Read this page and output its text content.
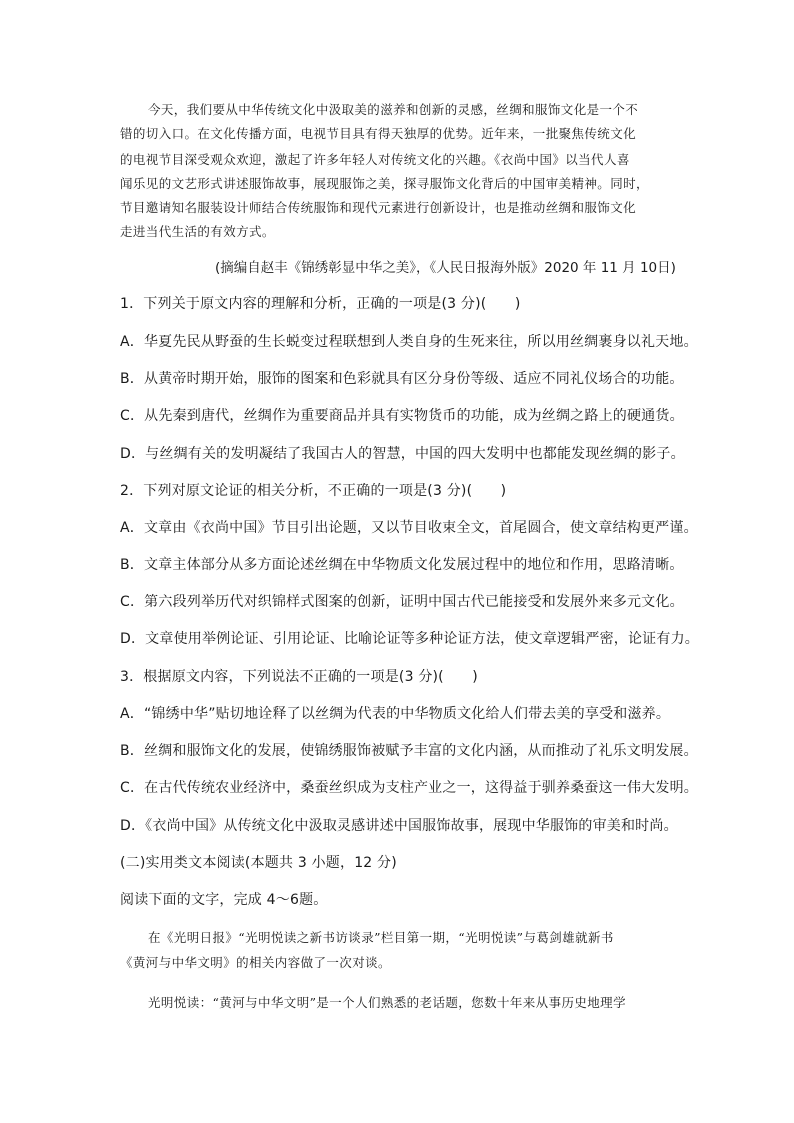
今天，我们要从中华传统文化中汲取美的滋养和创新的灵感，丝绸和服饰文化是一个不
错的切入口。在文化传播方面，电视节目具有得天独厚的优势。近年来，一批聚焦传统文化
的电视节目深受观众欢迎，激起了许多年轻人对传统文化的兴趣。《衣尚中国》以当代人喜
闻乐见的文艺形式讲述服饰故事，展现服饰之美，探寻服饰文化背后的中国审美精神。同时，
节目邀请知名服装设计师结合传统服饰和现代元素进行创新设计，也是推动丝绸和服饰文化
走进当代生活的有效方式。
(摘编自赵丰《锦绣彰显中华之美》，《人民日报海外版》2020 年 11 月 10日)
1．下列关于原文内容的理解和分析，正确的一项是(3 分)(　　)
A．华夏先民从野蚕的生长蜕变过程联想到人类自身的生死来往，所以用丝绸裹身以礼天地。
B．从黄帝时期开始，服饰的图案和色彩就具有区分身份等级、适应不同礼仪场合的功能。
C．从先秦到唐代，丝绸作为重要商品并具有实物货币的功能，成为丝绸之路上的硬通货。
D．与丝绸有关的发明凝结了我国古人的智慧，中国的四大发明中也都能发现丝绸的影子。
2．下列对原文论证的相关分析，不正确的一项是(3 分)(　　)
A．文章由《衣尚中国》节目引出论题，又以节目收束全文，首尾圆合，使文章结构更严谨。
B．文章主体部分从多方面论述丝绸在中华物质文化发展过程中的地位和作用，思路清晰。
C．第六段列举历代对织锦样式图案的创新，证明中国古代已能接受和发展外来多元文化。
D．文章使用举例论证、引用论证、比喻论证等多种论证方法，使文章逻辑严密，论证有力。
3．根据原文内容，下列说法不正确的一项是(3 分)(　　)
A．“锦绣中华”贴切地诠释了以丝绸为代表的中华物质文化给人们带去美的享受和滋养。
B．丝绸和服饰文化的发展，使锦绣服饰被赋予丰富的文化内涵，从而推动了礼乐文明发展。
C．在古代传统农业经济中，桑蚕丝织成为支柱产业之一，这得益于驯养桑蚕这一伟大发明。
D．《衣尚中国》从传统文化中汲取灵感讲述中国服饰故事，展现中华服饰的审美和时尚。
(二)实用类文本阅读(本题共 3 小题，12 分)
阅读下面的文字，完成 4～6题。
在《光明日报》“光明悦读之新书访谈录”栏目第一期，“光明悦读”与葛剑雄就新书
《黄河与中华文明》的相关内容做了一次对谈。
光明悦读：“黄河与中华文明”是一个人们熟悉的老话题，您数十年来从事历史地理学
